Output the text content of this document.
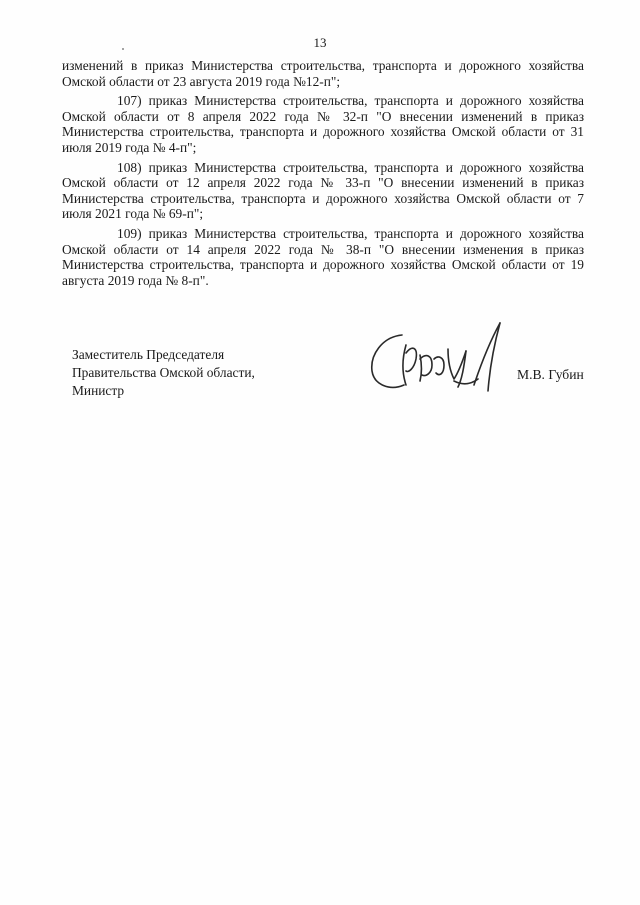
13

изменений в приказ Министерства строительства, транспорта и дорожного хозяйства Омской области от 23 августа 2019 года №12-п";

107) приказ Министерства строительства, транспорта и дорожного хозяйства Омской области от 8 апреля 2022 года № 32-п "О внесении изменений в приказ Министерства строительства, транспорта и дорожного хозяйства Омской области от 31 июля 2019 года № 4-п";

108) приказ Министерства строительства, транспорта и дорожного хозяйства Омской области от 12 апреля 2022 года № 33-п "О внесении изменений в приказ Министерства строительства, транспорта и дорожного хозяйства Омской области от 7 июля 2021 года № 69-п";

109) приказ Министерства строительства, транспорта и дорожного хозяйства Омской области от 14 апреля 2022 года № 38-п "О внесении изменения в приказ Министерства строительства, транспорта и дорожного хозяйства Омской области от 19 августа 2019 года № 8-п".

Заместитель Председателя
Правительства Омской области,
Министр
М.В. Губин
